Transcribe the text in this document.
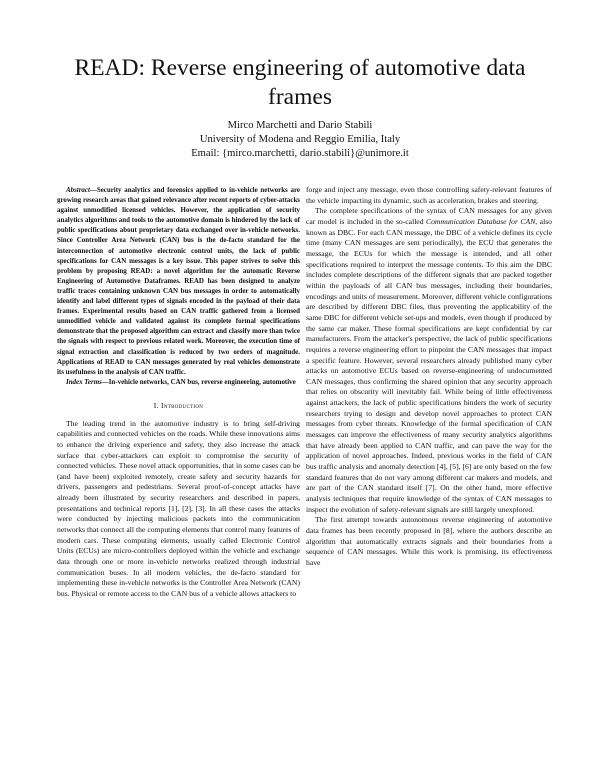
READ: Reverse engineering of automotive data frames
Mirco Marchetti and Dario Stabili
University of Modena and Reggio Emilia, Italy
Email: {mirco.marchetti, dario.stabili}@unimore.it

Abstract—Security analytics and forensics applied to in-vehicle networks are growing research areas that gained relevance after recent reports of cyber-attacks against unmodified licensed vehicles. However, the application of security analytics algorithms and tools to the automotive domain is hindered by the lack of public specifications about proprietary data exchanged over in-vehicle networks. Since Controller Area Network (CAN) bus is the de-facto standard for the interconnection of automotive electronic control units, the lack of public specifications for CAN messages is a key issue. This paper strives to solve this problem by proposing READ: a novel algorithm for the automatic Reverse Engineering of Automotive Dataframes. READ has been designed to analyze traffic traces containing unknown CAN bus messages in order to automatically identify and label different types of signals encoded in the payload of their data frames. Experimental results based on CAN traffic gathered from a licensed unmodified vehicle and validated against its complete formal specifications demonstrate that the proposed algorithm can extract and classify more than twice the signals with respect to previous related work. Moreover, the execution time of signal extraction and classification is reduced by two orders of magnitude. Applications of READ to CAN messages generated by real vehicles demonstrate its usefulness in the analysis of CAN traffic.

Index Terms—In-vehicle networks, CAN bus, reverse engineering, automotive

I. Introduction

The leading trend in the automotive industry is to bring self-driving capabilities and connected vehicles on the roads. While these innovations aims to enhance the driving experience and safety, they also increase the attack surface that cyber-attackers can exploit to compromise the security of connected vehicles. These novel attack opportunities, that in some cases can be (and have been) exploited remotely, create safety and security hazards for drivers, passengers and pedestrians. Several proof-of-concept attacks have already been illustrated by security researchers and described in papers, presentations and technical reports [1], [2], [3]. In all these cases the attacks were conducted by injecting malicious packets into the communication networks that connect all the computing elements that control many features of modern cars. These computing elements, usually called Electronic Control Units (ECUs) are micro-controllers deployed within the vehicle and exchange data through one or more in-vehicle networks realized through industrial communication buses. In all modern vehicles, the de-facto standard for implementing these in-vehicle networks is the Controller Area Network (CAN) bus. Physical or remote access to the CAN bus of a vehicle allows attackers to

forge and inject any message, even those controlling safety-relevant features of the vehicle impacting its dynamic, such as acceleration, brakes and steering.

The complete specifications of the syntax of CAN messages for any given car model is included in the so-called Communication Database for CAN, also known as DBC. For each CAN message, the DBC of a vehicle defines its cycle time (many CAN messages are sent periodically), the ECU that generates the message, the ECUs for which the message is intended, and all other specifications required to interpret the message contents. To this aim the DBC includes complete descriptions of the different signals that are packed together within the payloads of all CAN bus messages, including their boundaries, encodings and units of measurement. Moreover, different vehicle configurations are described by different DBC files, thus preventing the applicability of the same DBC for different vehicle set-ups and models, even though if produced by the same car maker. These formal specifications are kept confidential by car manufacturers. From the attacker's perspective, the lack of public specifications requires a reverse engineering effort to pinpoint the CAN messages that impact a specific feature. However, several researchers already published many cyber attacks on automotive ECUs based on reverse-engineering of undocumented CAN messages, thus confirming the shared opinion that any security approach that relies on obscurity will inevitably fail. While being of little effectiveness against attackers, the lack of public specifications hinders the work of security researchers trying to design and develop novel approaches to protect CAN messages from cyber threats. Knowledge of the formal specification of CAN messages can improve the effectiveness of many security analytics algorithms that have already been applied to CAN traffic, and can pave the way for the application of novel approaches. Indeed, previous works in the field of CAN bus traffic analysis and anomaly detection [4], [5], [6] are only based on the few standard features that do not vary among different car makers and models, and are part of the CAN standard itself [7]. On the other hand, more effective analysis techniques that require knowledge of the syntax of CAN messages to inspect the evolution of safety-relevant signals are still largely unexplored.

The first attempt towards autonomous reverse engineering of automotive data frames has been recently proposed in [8], where the authors describe an algorithm that automatically extracts signals and their boundaries from a sequence of CAN messages. While this work is promising, its effectiveness have
